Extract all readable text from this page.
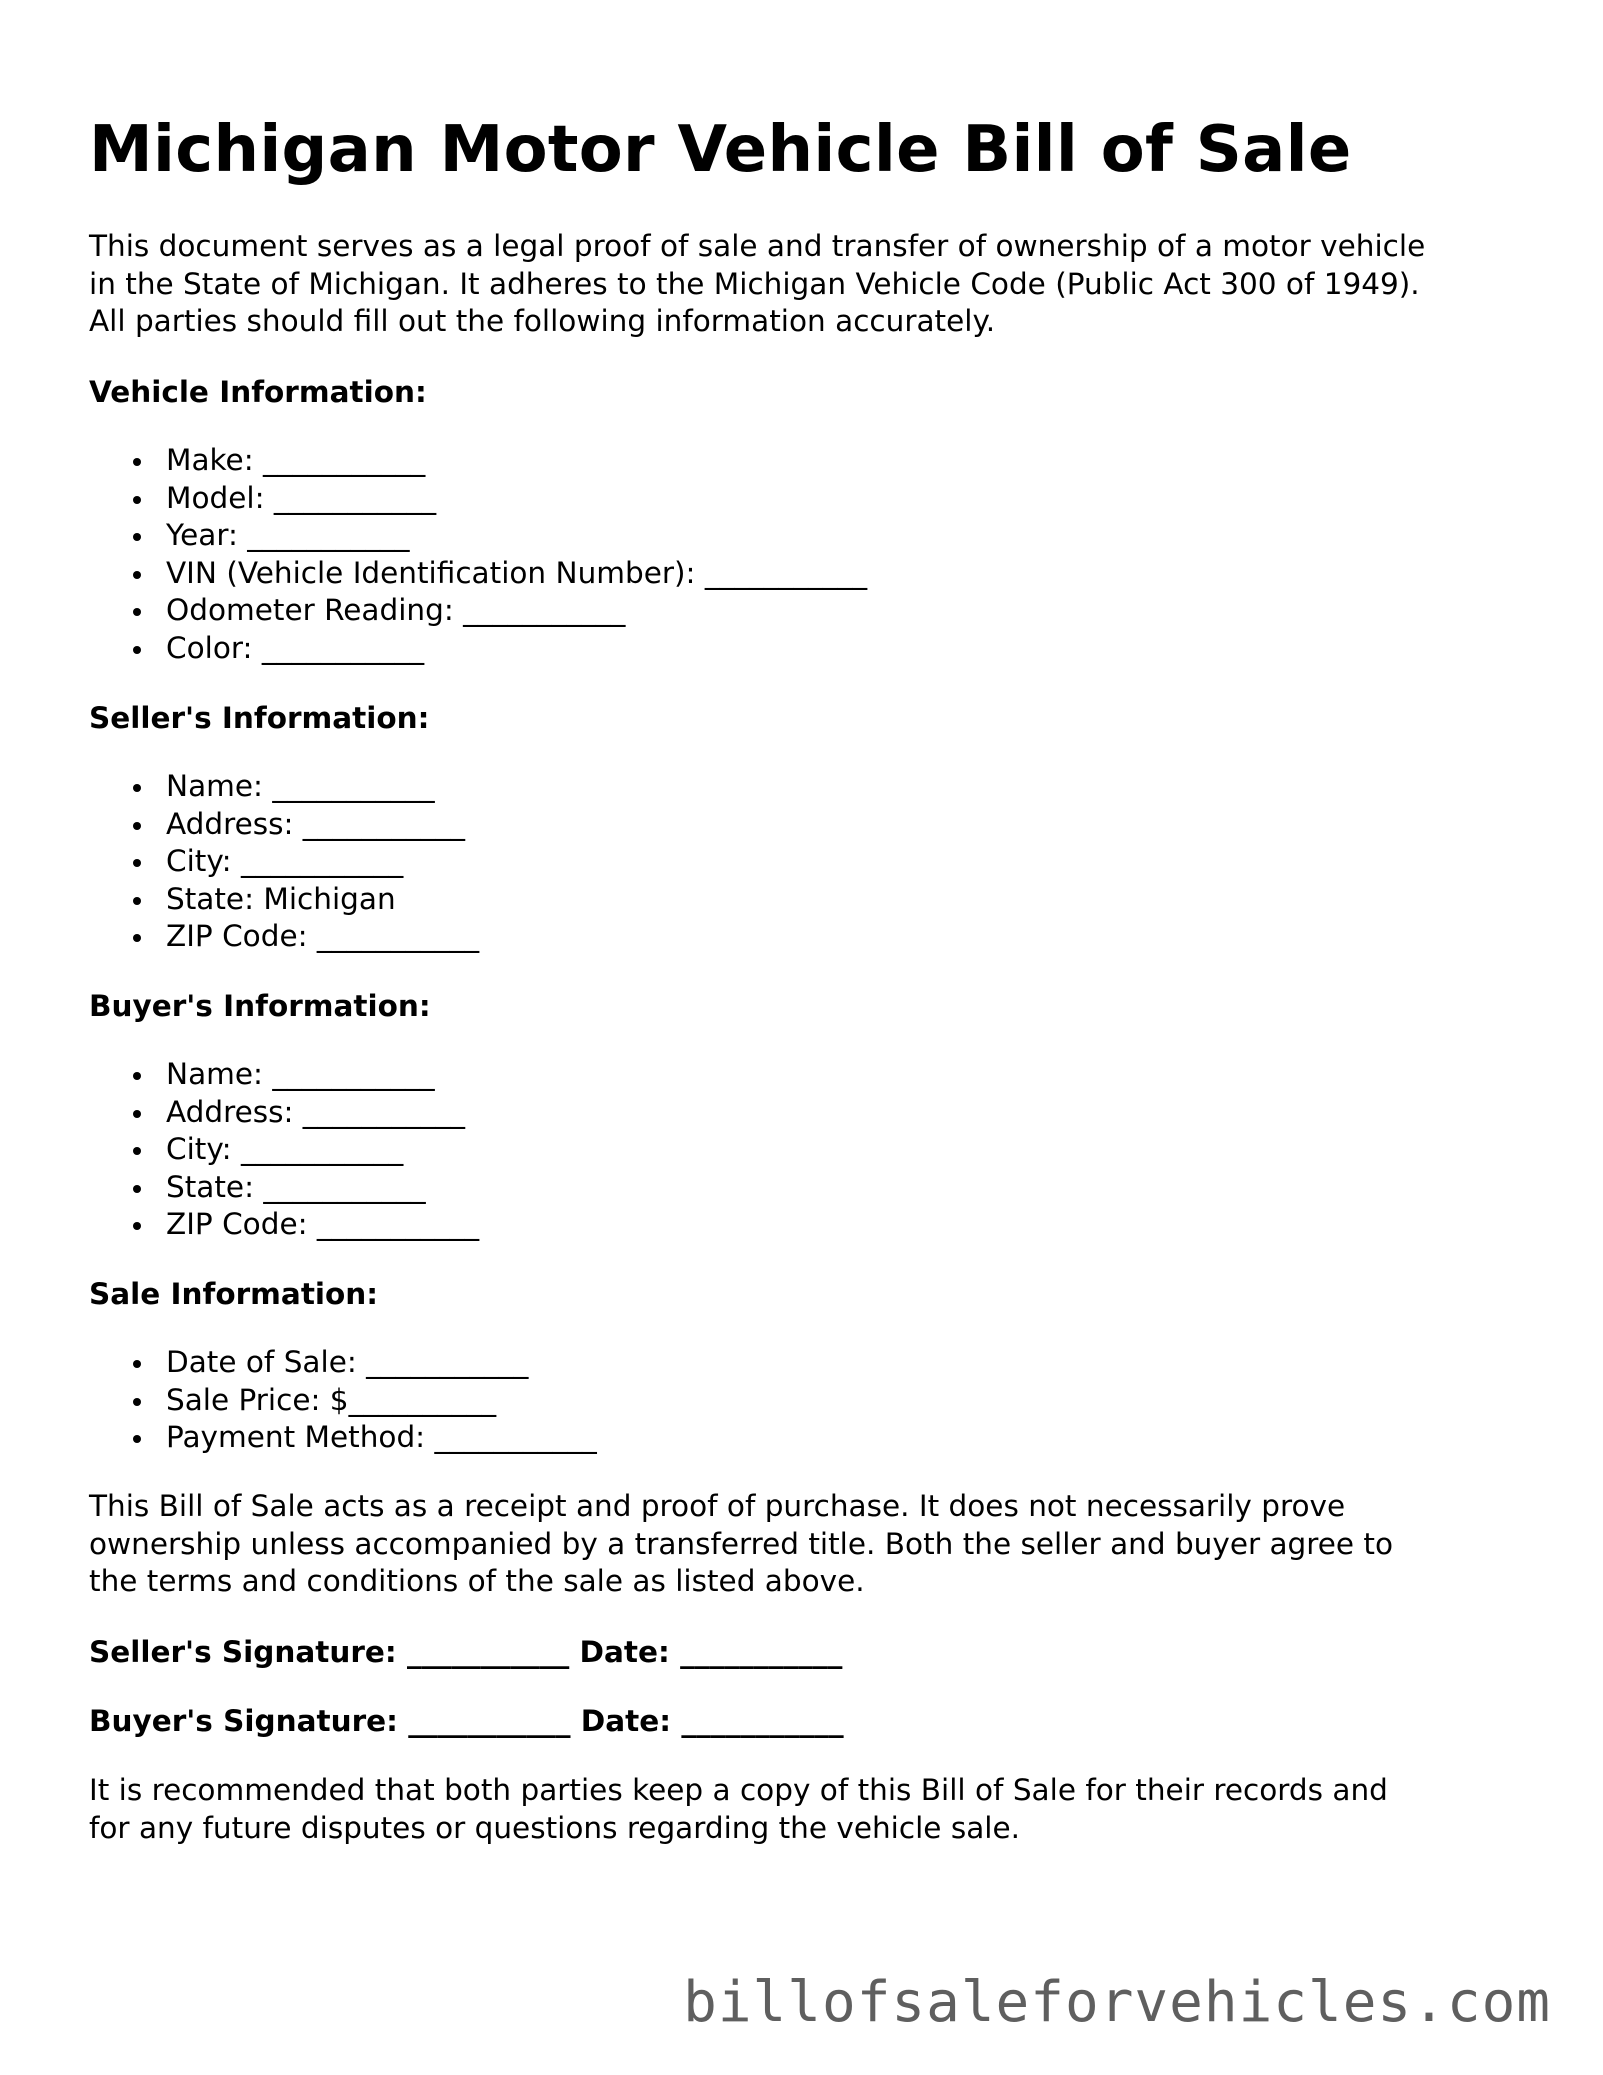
Michigan Motor Vehicle Bill of Sale
This document serves as a legal proof of sale and transfer of ownership of a motor vehicle
in the State of Michigan. It adheres to the Michigan Vehicle Code (Public Act 300 of 1949).
All parties should fill out the following information accurately.
Vehicle Information:
Make: ___________
Model: ___________
Year: ___________
VIN (Vehicle Identification Number): ___________
Odometer Reading: ___________
Color: ___________
Seller's Information:
Name: ___________
Address: ___________
City: ___________
State: Michigan
ZIP Code: ___________
Buyer's Information:
Name: ___________
Address: ___________
City: ___________
State: ___________
ZIP Code: ___________
Sale Information:
Date of Sale: ___________
Sale Price: $__________
Payment Method: ___________
This Bill of Sale acts as a receipt and proof of purchase. It does not necessarily prove
ownership unless accompanied by a transferred title. Both the seller and buyer agree to
the terms and conditions of the sale as listed above.
Seller's Signature: ___________ Date: ___________
Buyer's Signature: ___________ Date: ___________
It is recommended that both parties keep a copy of this Bill of Sale for their records and
for any future disputes or questions regarding the vehicle sale.
billofsaleforvehicles.com
